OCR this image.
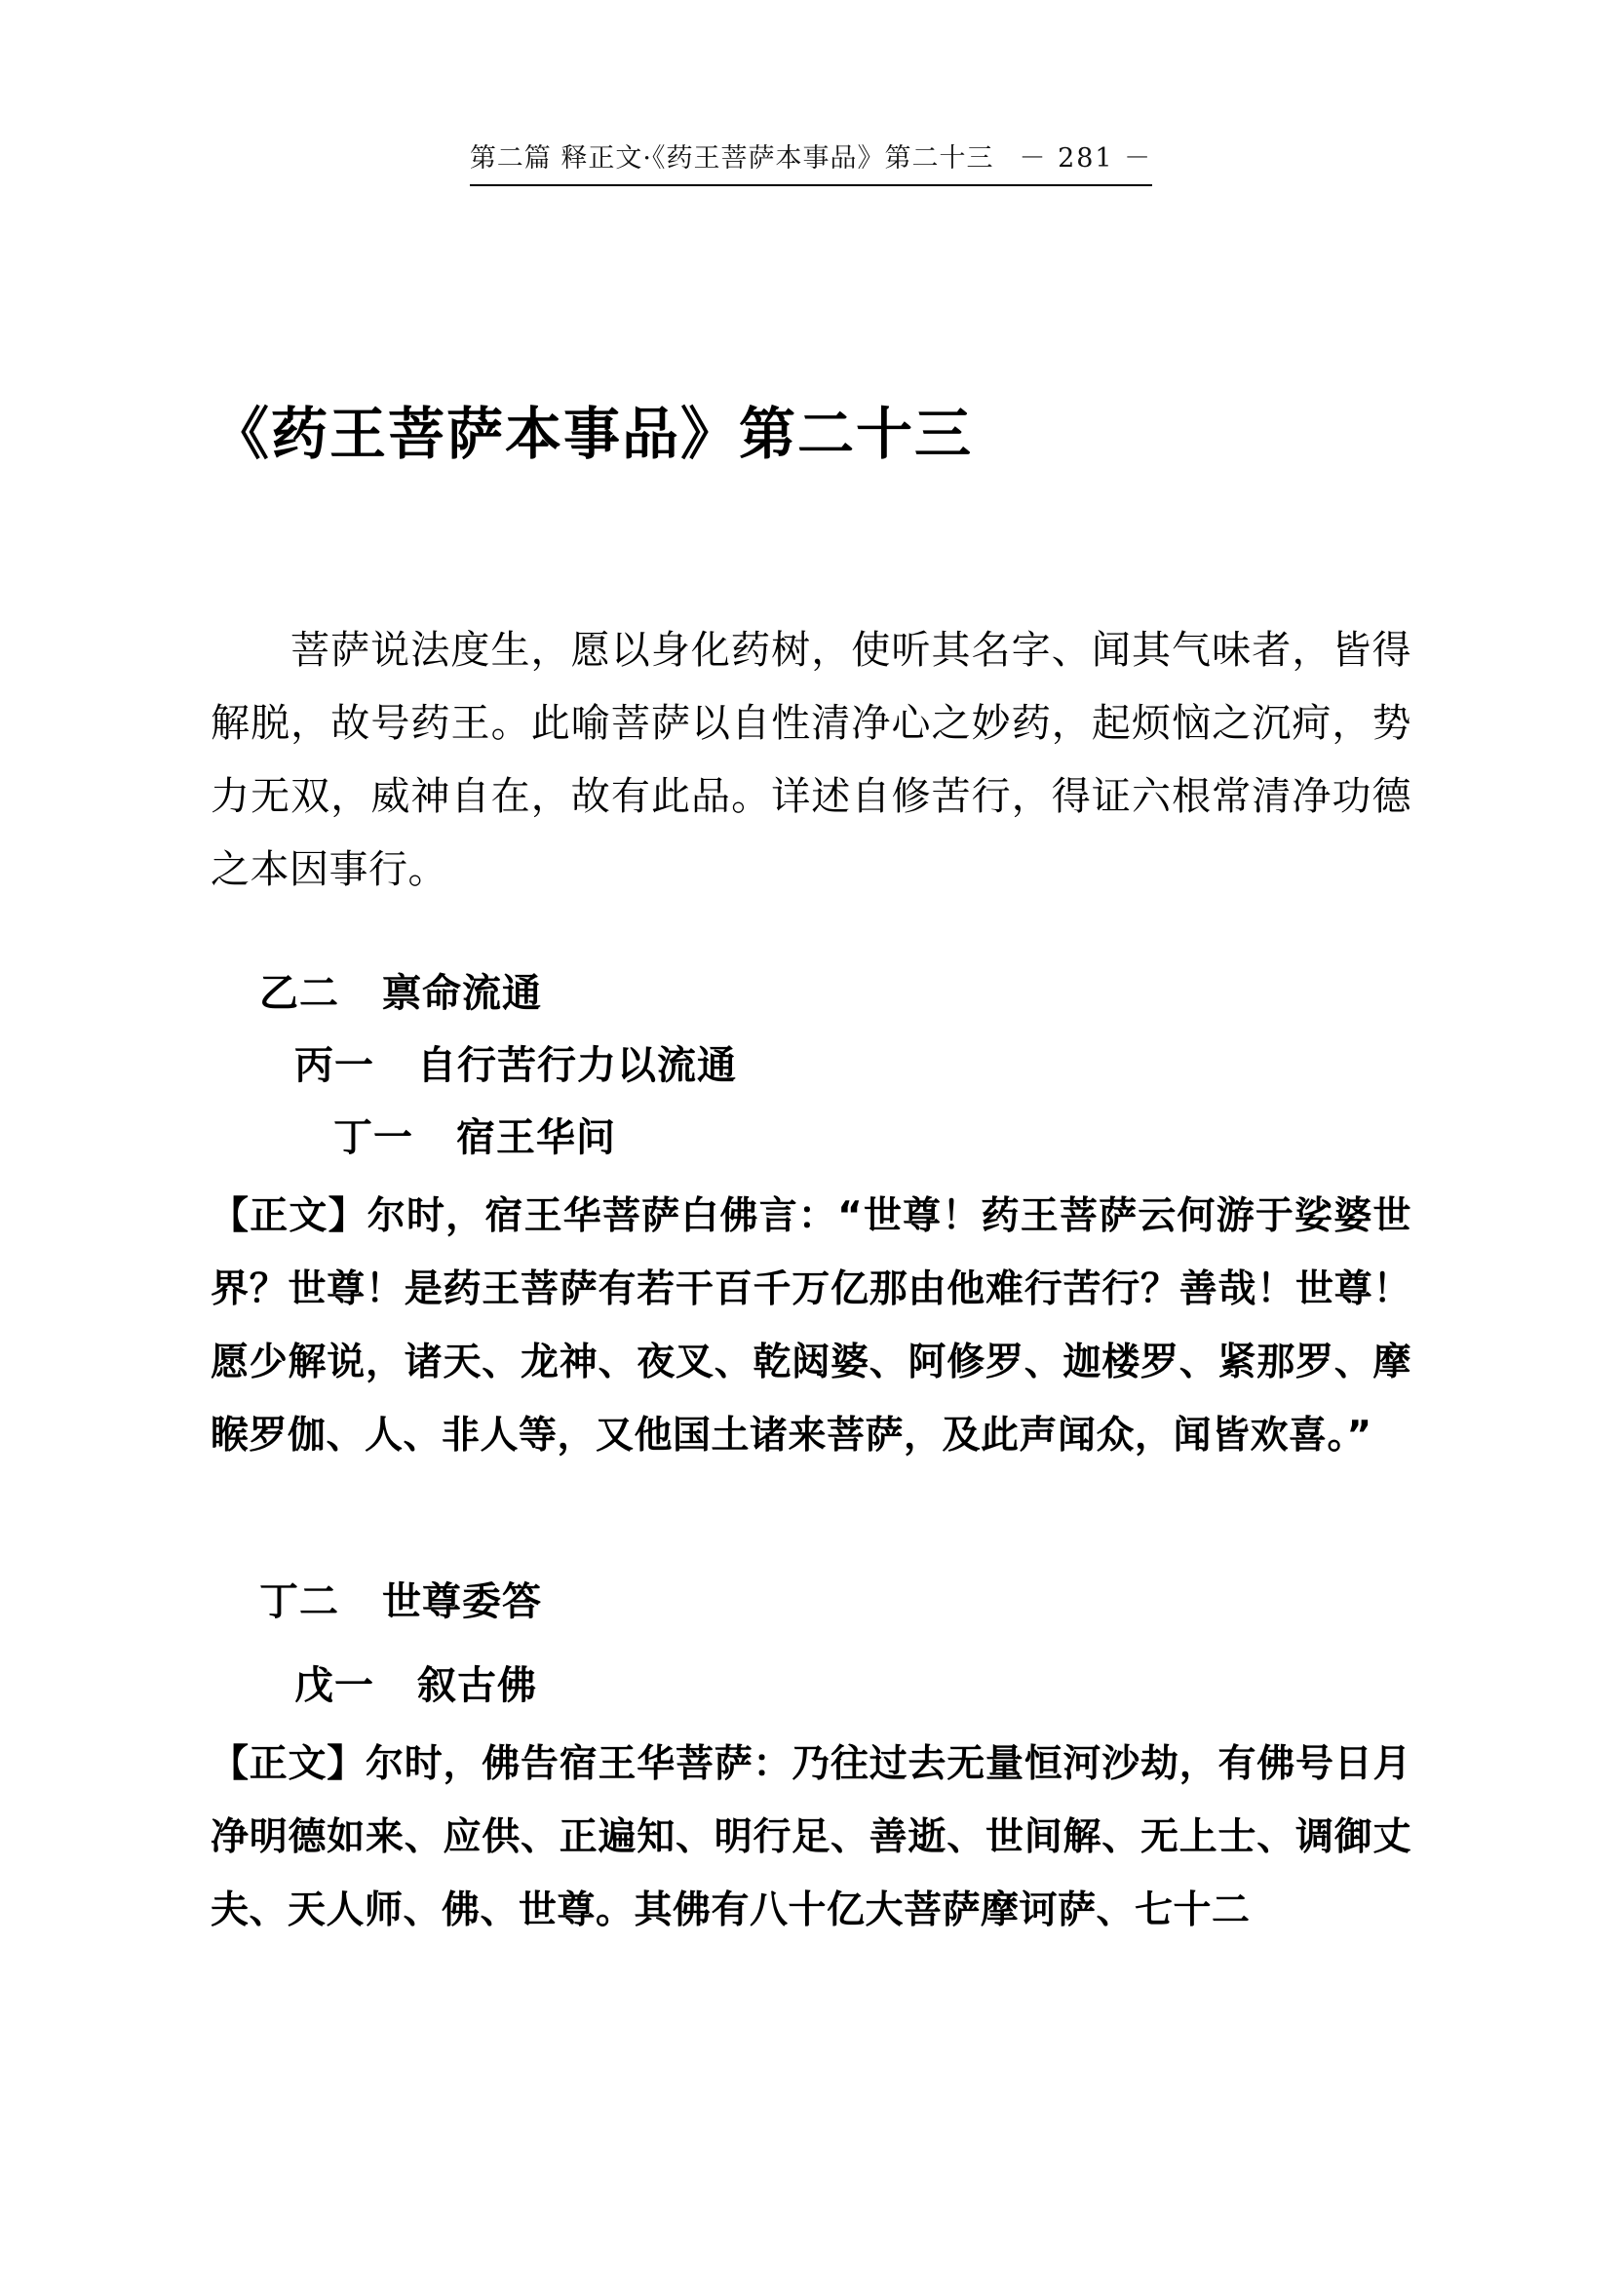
第二篇 释正文·《药王菩萨本事品》第二十三 － 281 －
《药王菩萨本事品》第二十三

菩萨说法度生，愿以身化药树，使听其名字、闻其气味者，皆得解脱，故号药王。此喻菩萨以自性清净心之妙药，起烦恼之沉疴，势力无双，威神自在，故有此品。详述自修苦行，得证六根常清净功德之本因事行。

乙二 禀命流通
丙一 自行苦行力以流通
丁一 宿王华问

【正文】尔时，宿王华菩萨白佛言：“世尊！药王菩萨云何游于娑婆世界？世尊！是药王菩萨有若干百千万亿那由他难行苦行？善哉！世尊！愿少解说，诸天、龙神、夜叉、乾闼婆、阿修罗、迦楼罗、紧那罗、摩睺罗伽、人、非人等，又他国土诸来菩萨，及此声闻众，闻皆欢喜。”

丁二 世尊委答
戊一 叙古佛

【正文】尔时，佛告宿王华菩萨：乃往过去无量恒河沙劫，有佛号日月净明德如来、应供、正遍知、明行足、善逝、世间解、无上士、调御丈夫、天人师、佛、世尊。其佛有八十亿大菩萨摩诃萨、七十二
